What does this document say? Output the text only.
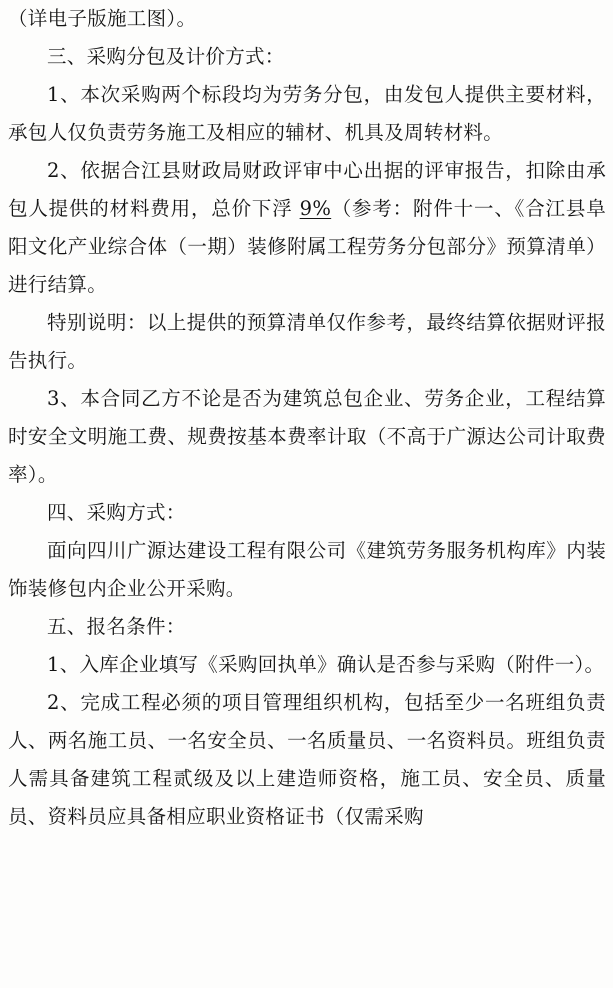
（详电子版施工图）。

三、采购分包及计价方式：

1、本次采购两个标段均为劳务分包，由发包人提供主要材料，承包人仅负责劳务施工及相应的辅材、机具及周转材料。

2、依据合江县财政局财政评审中心出据的评审报告，扣除由承包人提供的材料费用，总价下浮 9%（参考：附件十一、《合江县阜阳文化产业综合体（一期）装修附属工程劳务分包部分》预算清单）进行结算。

特别说明：以上提供的预算清单仅作参考，最终结算依据财评报告执行。

3、本合同乙方不论是否为建筑总包企业、劳务企业，工程结算时安全文明施工费、规费按基本费率计取（不高于广源达公司计取费率）。

四、采购方式：

面向四川广源达建设工程有限公司《建筑劳务服务机构库》内装饰装修包内企业公开采购。

五、报名条件：

1、入库企业填写《采购回执单》确认是否参与采购（附件一）。

2、完成工程必须的项目管理组织机构，包括至少一名班组负责人、两名施工员、一名安全员、一名质量员、一名资料员。班组负责人需具备建筑工程贰级及以上建造师资格，施工员、安全员、质量员、资料员应具备相应职业资格证书（仅需采购
